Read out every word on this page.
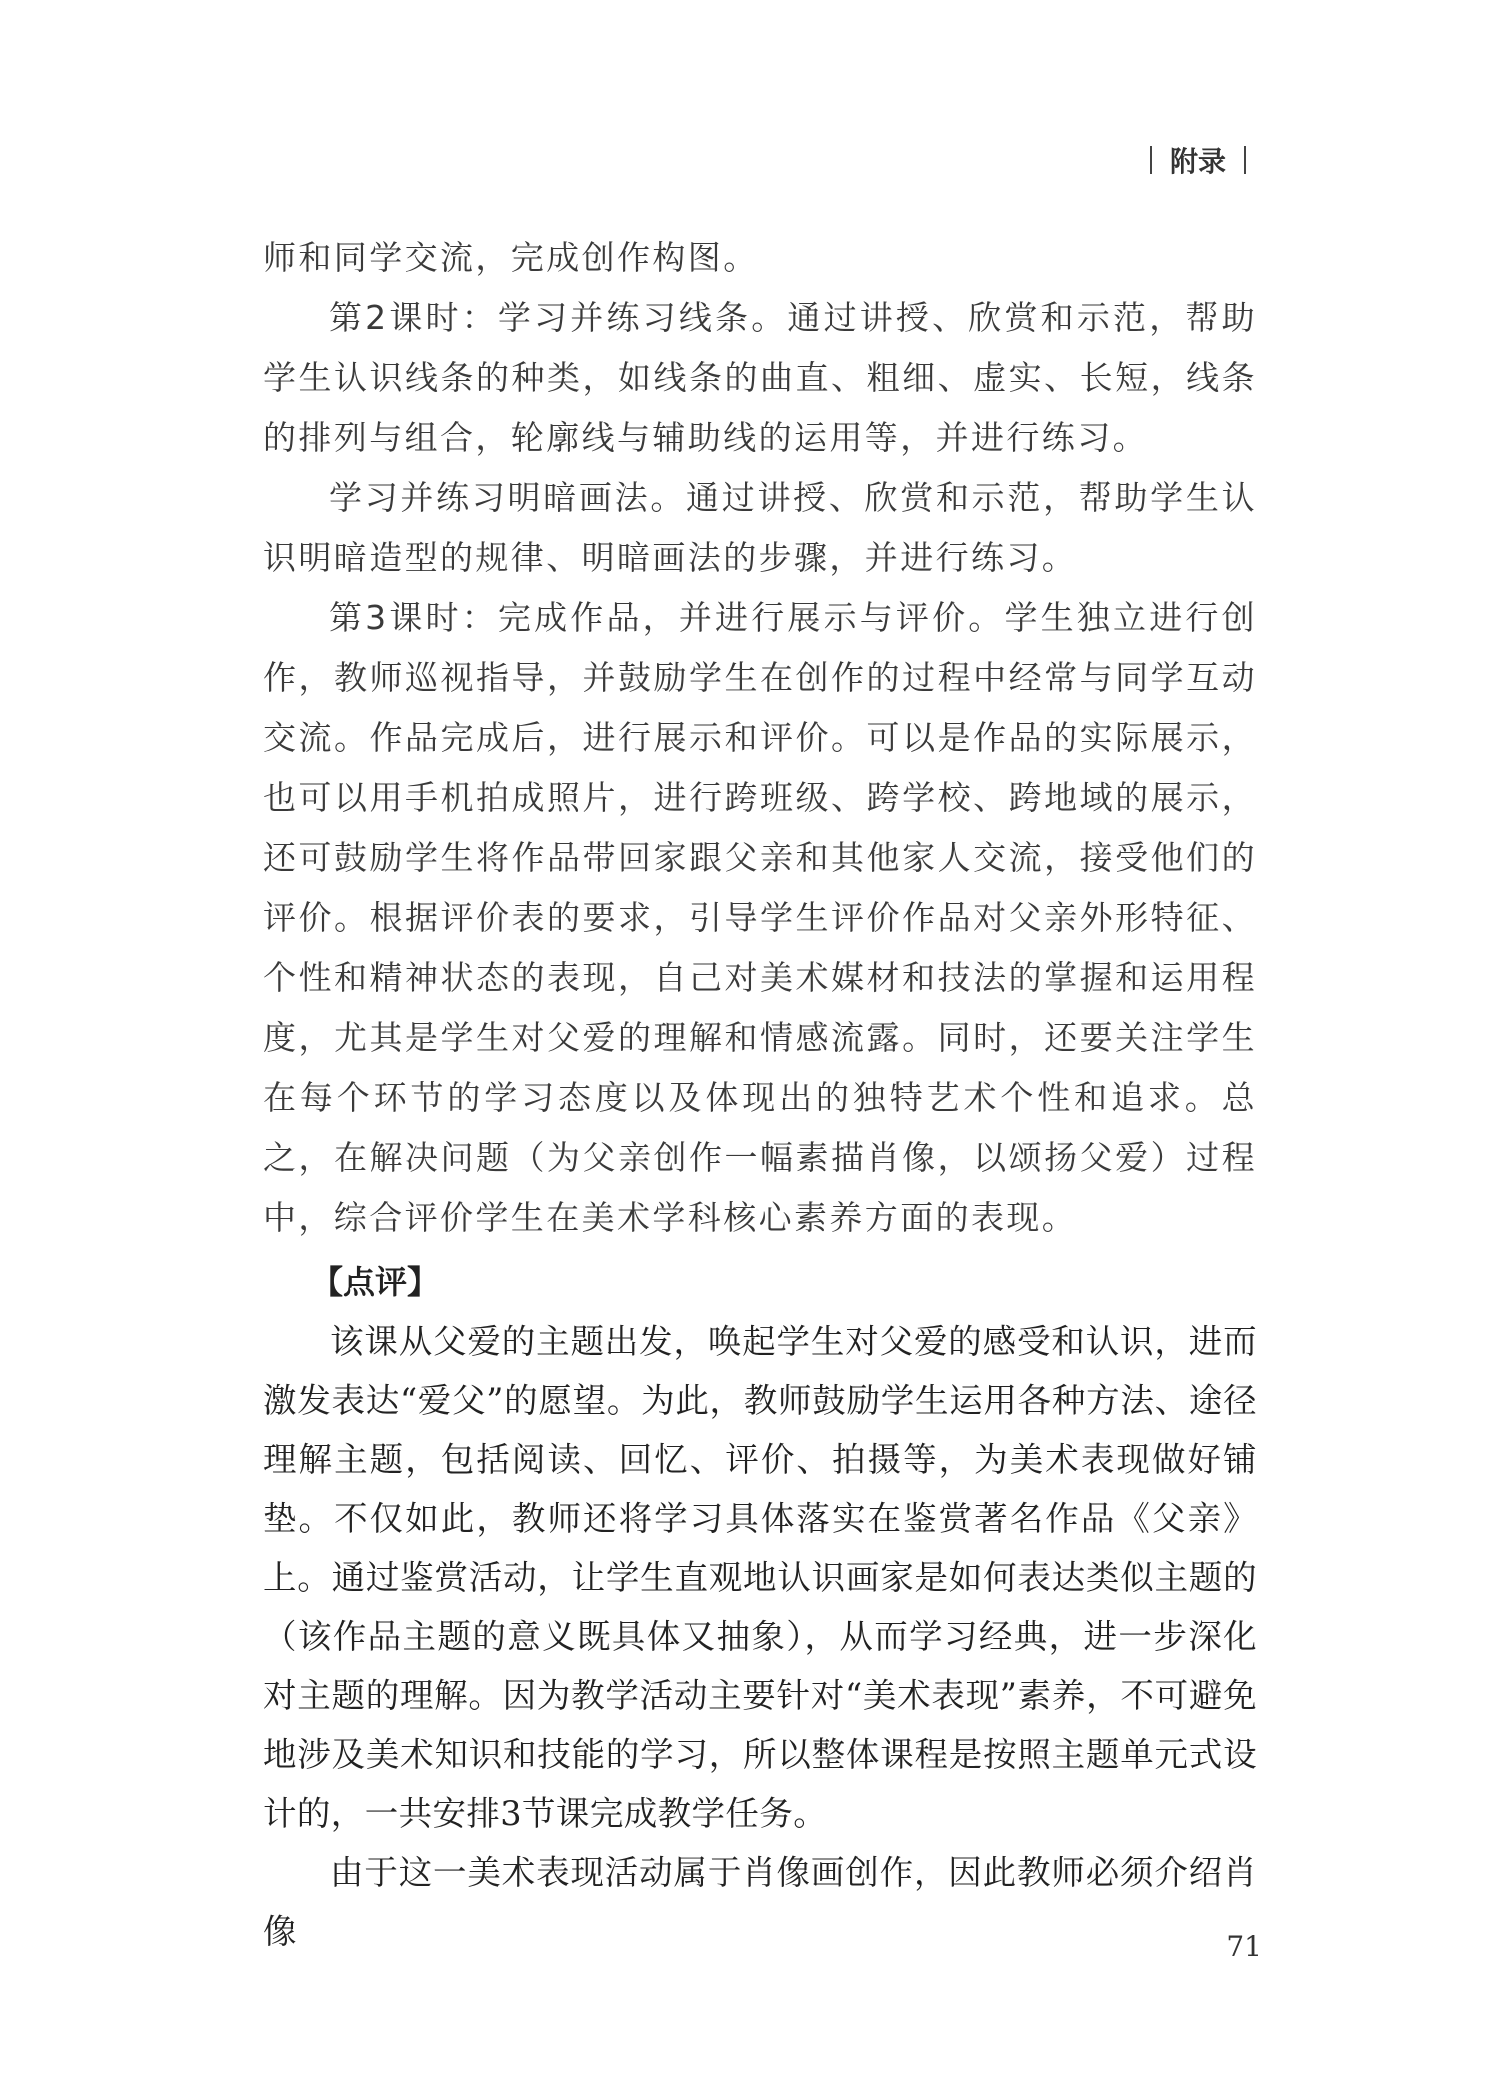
附录

师和同学交流，完成创作构图。

第2课时：学习并练习线条。通过讲授、欣赏和示范，帮助学生认识线条的种类，如线条的曲直、粗细、虚实、长短，线条的排列与组合，轮廓线与辅助线的运用等，并进行练习。

学习并练习明暗画法。通过讲授、欣赏和示范，帮助学生认识明暗造型的规律、明暗画法的步骤，并进行练习。

第3课时：完成作品，并进行展示与评价。学生独立进行创作，教师巡视指导，并鼓励学生在创作的过程中经常与同学互动交流。作品完成后，进行展示和评价。可以是作品的实际展示，也可以用手机拍成照片，进行跨班级、跨学校、跨地域的展示，还可鼓励学生将作品带回家跟父亲和其他家人交流，接受他们的评价。根据评价表的要求，引导学生评价作品对父亲外形特征、个性和精神状态的表现，自己对美术媒材和技法的掌握和运用程度，尤其是学生对父爱的理解和情感流露。同时，还要关注学生在每个环节的学习态度以及体现出的独特艺术个性和追求。总之，在解决问题（为父亲创作一幅素描肖像，以颂扬父爱）过程中，综合评价学生在美术学科核心素养方面的表现。

【点评】

该课从父爱的主题出发，唤起学生对父爱的感受和认识，进而激发表达“爱父”的愿望。为此，教师鼓励学生运用各种方法、途径理解主题，包括阅读、回忆、评价、拍摄等，为美术表现做好铺垫。不仅如此，教师还将学习具体落实在鉴赏著名作品《父亲》上。通过鉴赏活动，让学生直观地认识画家是如何表达类似主题的（该作品主题的意义既具体又抽象），从而学习经典，进一步深化对主题的理解。因为教学活动主要针对“美术表现”素养，不可避免地涉及美术知识和技能的学习，所以整体课程是按照主题单元式设计的，一共安排3节课完成教学任务。

由于这一美术表现活动属于肖像画创作，因此教师必须介绍肖像	71
